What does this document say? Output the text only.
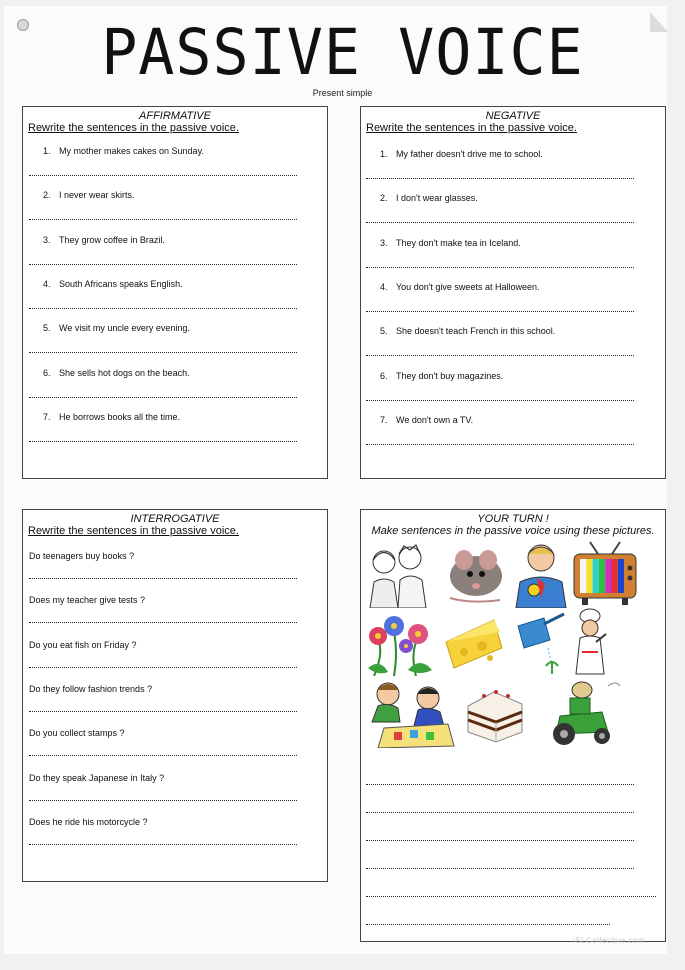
PASSIVE VOICE
Present simple
AFFIRMATIVE
Rewrite the sentences in the passive voice.
1. My mother makes cakes on Sunday.
2. I never wear skirts.
3. They grow coffee in Brazil.
4. South Africans speaks English.
5. We visit my uncle every evening.
6. She sells hot dogs on the beach.
7. He borrows books all the time.
NEGATIVE
Rewrite the sentences in the passive voice.
1. My father doesn't drive me to school.
2. I don't wear glasses.
3. They don't make tea in Iceland.
4. You don't give sweets at Halloween.
5. She doesn't teach French in this school.
6. They don't buy magazines.
7. We don't own a TV.
INTERROGATIVE
Rewrite the sentences in the passive voice.
Do teenagers buy books ?
Does my teacher give tests ?
Do you eat fish on Friday ?
Do they follow fashion trends ?
Do you collect stamps ?
Do they speak Japanese in Italy ?
Does he ride his motorcycle ?
YOUR TURN !
Make sentences in the passive voice using these pictures.
iSLCollective.com
